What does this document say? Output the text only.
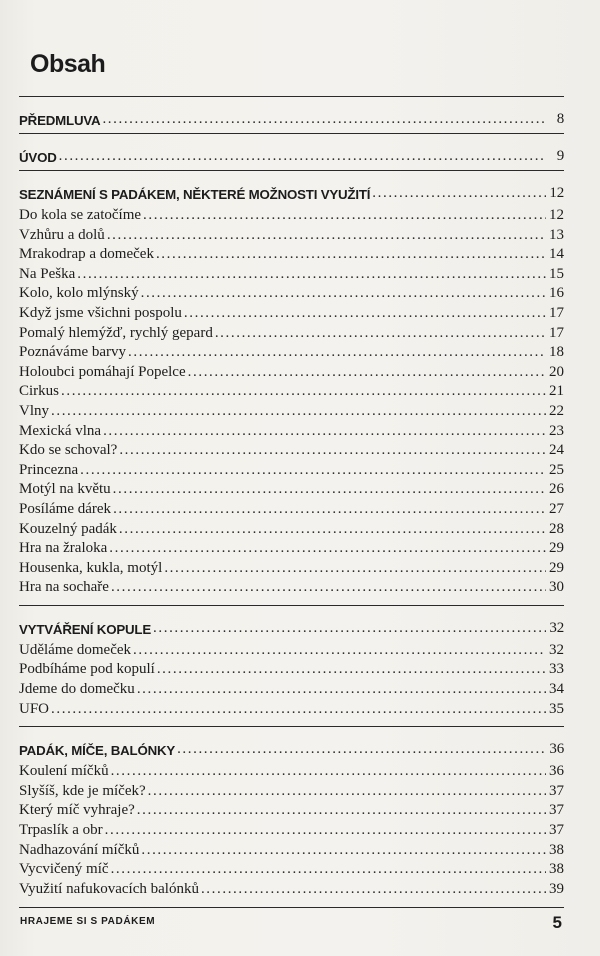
Obsah
PŘEDMLUVA .....	8
ÚVOD .....	9
SEZNÁMENÍ S PADÁKEM, NĚKTERÉ MOŽNOSTI VYUŽITÍ .....	12
Do kola se zatočíme .....	12
Vzhůru a dolů .....	13
Mrakodrap a domeček .....	14
Na Peška .....	15
Kolo, kolo mlýnský .....	16
Když jsme všichni pospolu .....	17
Pomalý hlemýžď, rychlý gepard .....	17
Poznáváme barvy .....	18
Holoubci pomáhají Popelce .....	20
Cirkus .....	21
Vlny .....	22
Mexická vlna .....	23
Kdo se schoval? .....	24
Princezna .....	25
Motýl na květu .....	26
Posíláme dárek .....	27
Kouzelný padák .....	28
Hra na žraloka .....	29
Housenka, kukla, motýl .....	29
Hra na sochaře .....	30
VYTVÁŘENÍ KOPULE .....	32
Uděláme domeček .....	32
Podbíháme pod kopulí .....	33
Jdeme do domečku .....	34
UFO .....	35
PADÁK, MÍČE, BALÓNKY .....	36
Koulení míčků .....	36
Slyšíš, kde je míček? .....	37
Který míč vyhraje? .....	37
Trpaslík a obr .....	37
Nadhazování míčků .....	38
Vycvičený míč .....	38
Využití nafukovacích balónků .....	39
HRAJEME SI S PADÁKEM	5
